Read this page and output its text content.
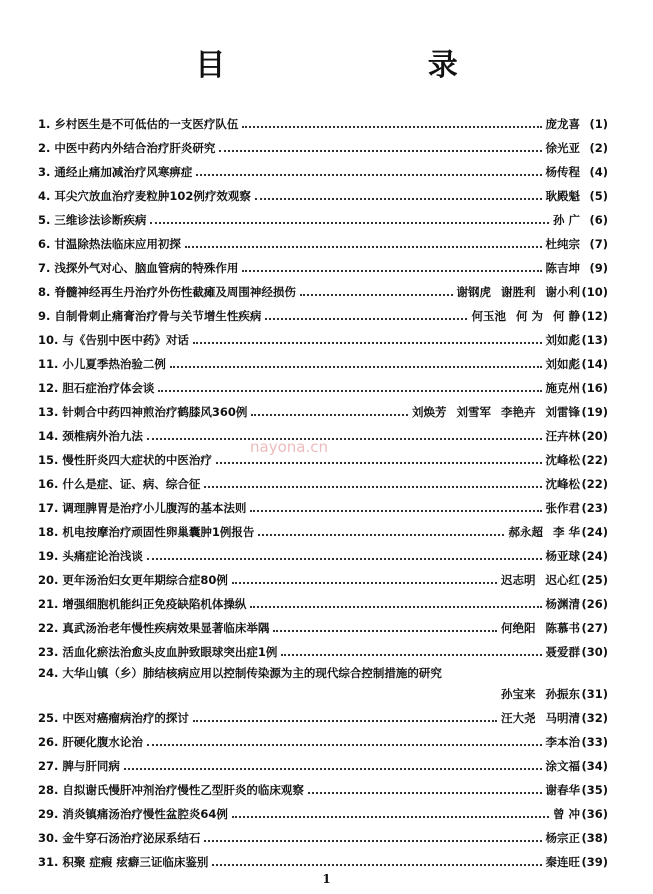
目 录
nayona.cn
1. 乡村医生是不可低估的一支医疗队伍	庞龙喜 (1)
2. 中医中药内外结合治疗肝炎研究	徐光亚 (2)
3. 通经止痛加减治疗风寒痹症	杨传程 (4)
4. 耳尖穴放血治疗麦粒肿102例疗效观察	耿殿魁 (5)
5. 三维诊法诊断疾病	孙 广 (6)
6. 甘温除热法临床应用初探	杜纯宗 (7)
7. 浅探外气对心、脑血管病的特殊作用	陈吉坤 (9)
8. 脊髓神经再生丹治疗外伤性截瘫及周围神经损伤	谢钢虎 谢胜利 谢小利 (10)
9. 自制骨刺止痛膏治疗骨与关节增生性疾病	何玉池 何 为 何 静 (12)
10. 与《告别中医中药》对话	刘如彪 (13)
11. 小儿夏季热治验二例	刘如彪 (14)
12. 胆石症治疗体会谈	施克州 (16)
13. 针刺合中药四神煎治疗鹤膝风360例	刘焕芳 刘雪军 李艳卉 刘雷锋 (19)
14. 颈椎病外治九法	汪卉林 (20)
15. 慢性肝炎四大症状的中医治疗	沈峰松 (22)
16. 什么是症、证、病、综合征	沈峰松 (22)
17. 调理脾胃是治疗小儿腹泻的基本法则	张作君 (23)
18. 机电按摩治疗顽固性卵巢囊肿1例报告	郝永超 李 华 (24)
19. 头痛症论治浅谈	杨亚球 (24)
20. 更年汤治妇女更年期综合症80例	迟志明 迟心红 (25)
21. 增强细胞机能纠正免疫缺陷机体操纵	杨渊清 (26)
22. 真武汤治老年慢性疾病效果显著临床举隅	何绝阳 陈慕书 (27)
23. 活血化瘀法治愈头皮血肿致眼球突出症1例	聂爱群 (30)
24. 大华山镇（乡）肺结核病应用以控制传染源为主的现代综合控制措施的研究
孙宝来 孙振东 (31)
25. 中医对癌瘤病治疗的探讨	汪大尧 马明清 (32)
26. 肝硬化腹水论治	李本治 (33)
27. 脾与肝同病	涂文福 (34)
28. 自拟谢氏慢肝冲剂治疗慢性乙型肝炎的临床观察	谢春华 (35)
29. 消炎镇痛汤治疗慢性盆腔炎64例	曾 冲 (36)
30. 金牛穿石汤治疗泌尿系结石	杨宗正 (38)
31. 积聚 症瘕 痃癖三证临床鉴别	秦连旺 (39)
1
